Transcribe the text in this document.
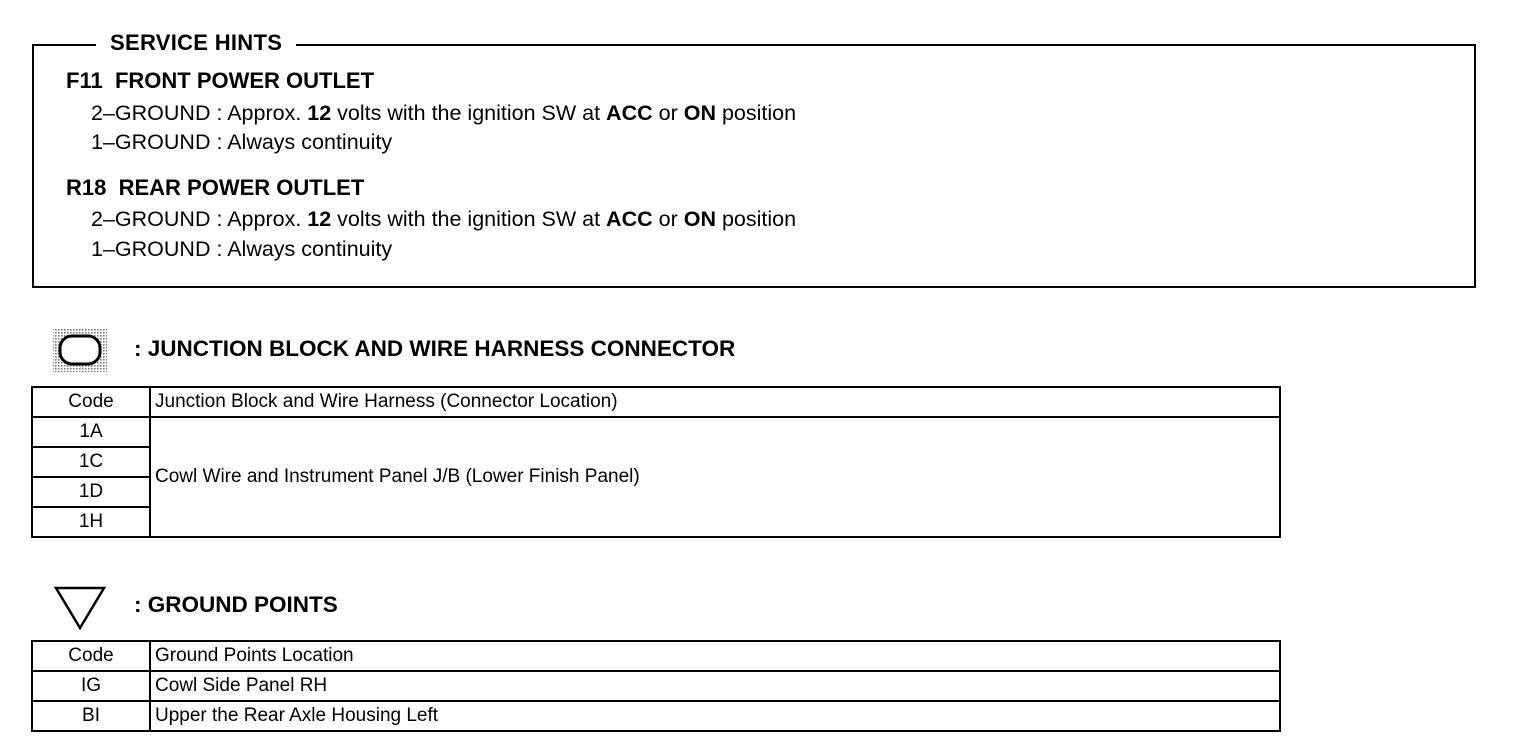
SERVICE HINTS
F11 FRONT POWER OUTLET
2–GROUND : Approx. 12 volts with the ignition SW at ACC or ON position
1–GROUND : Always continuity
R18 REAR POWER OUTLET
2–GROUND : Approx. 12 volts with the ignition SW at ACC or ON position
1–GROUND : Always continuity
: JUNCTION BLOCK AND WIRE HARNESS CONNECTOR
Code	Junction Block and Wire Harness (Connector Location)
1A	Cowl Wire and Instrument Panel J/B (Lower Finish Panel)
1C	
1D	
1H	
: GROUND POINTS
Code	Ground Points Location
IG	Cowl Side Panel RH
BI	Upper the Rear Axle Housing Left
